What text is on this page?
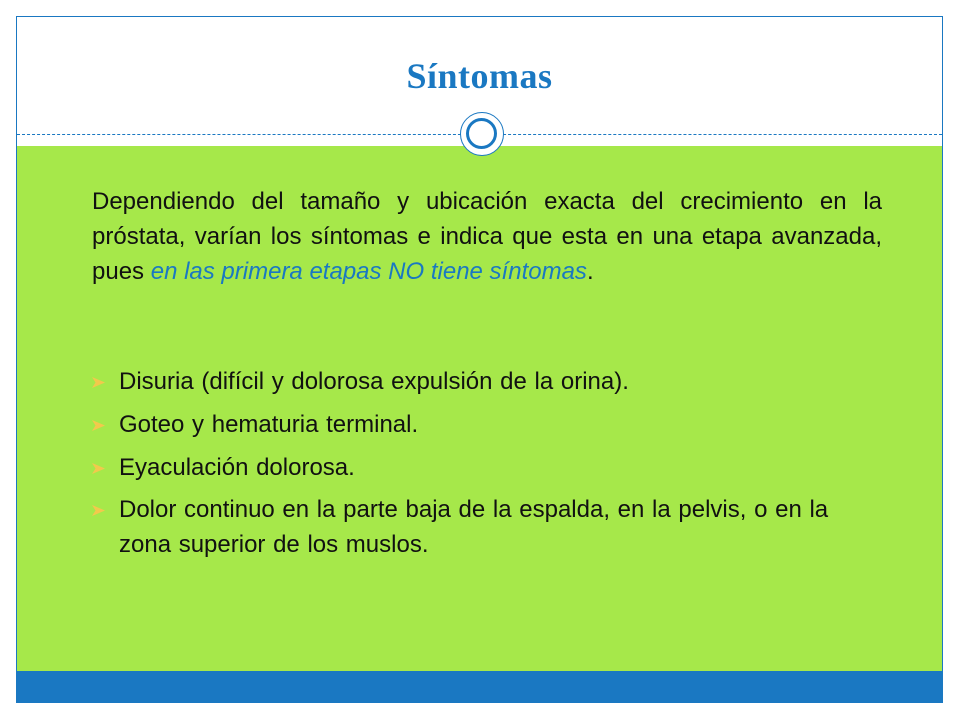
Síntomas

Dependiendo del tamaño y ubicación exacta del crecimiento en la próstata, varían los síntomas e indica que esta en una etapa avanzada, pues en las primera etapas NO tiene síntomas.

Disuria (difícil y dolorosa expulsión de la orina).
Goteo y hematuria terminal.
Eyaculación dolorosa.
Dolor continuo en la parte baja de la espalda, en la pelvis, o en la zona superior de los muslos.
